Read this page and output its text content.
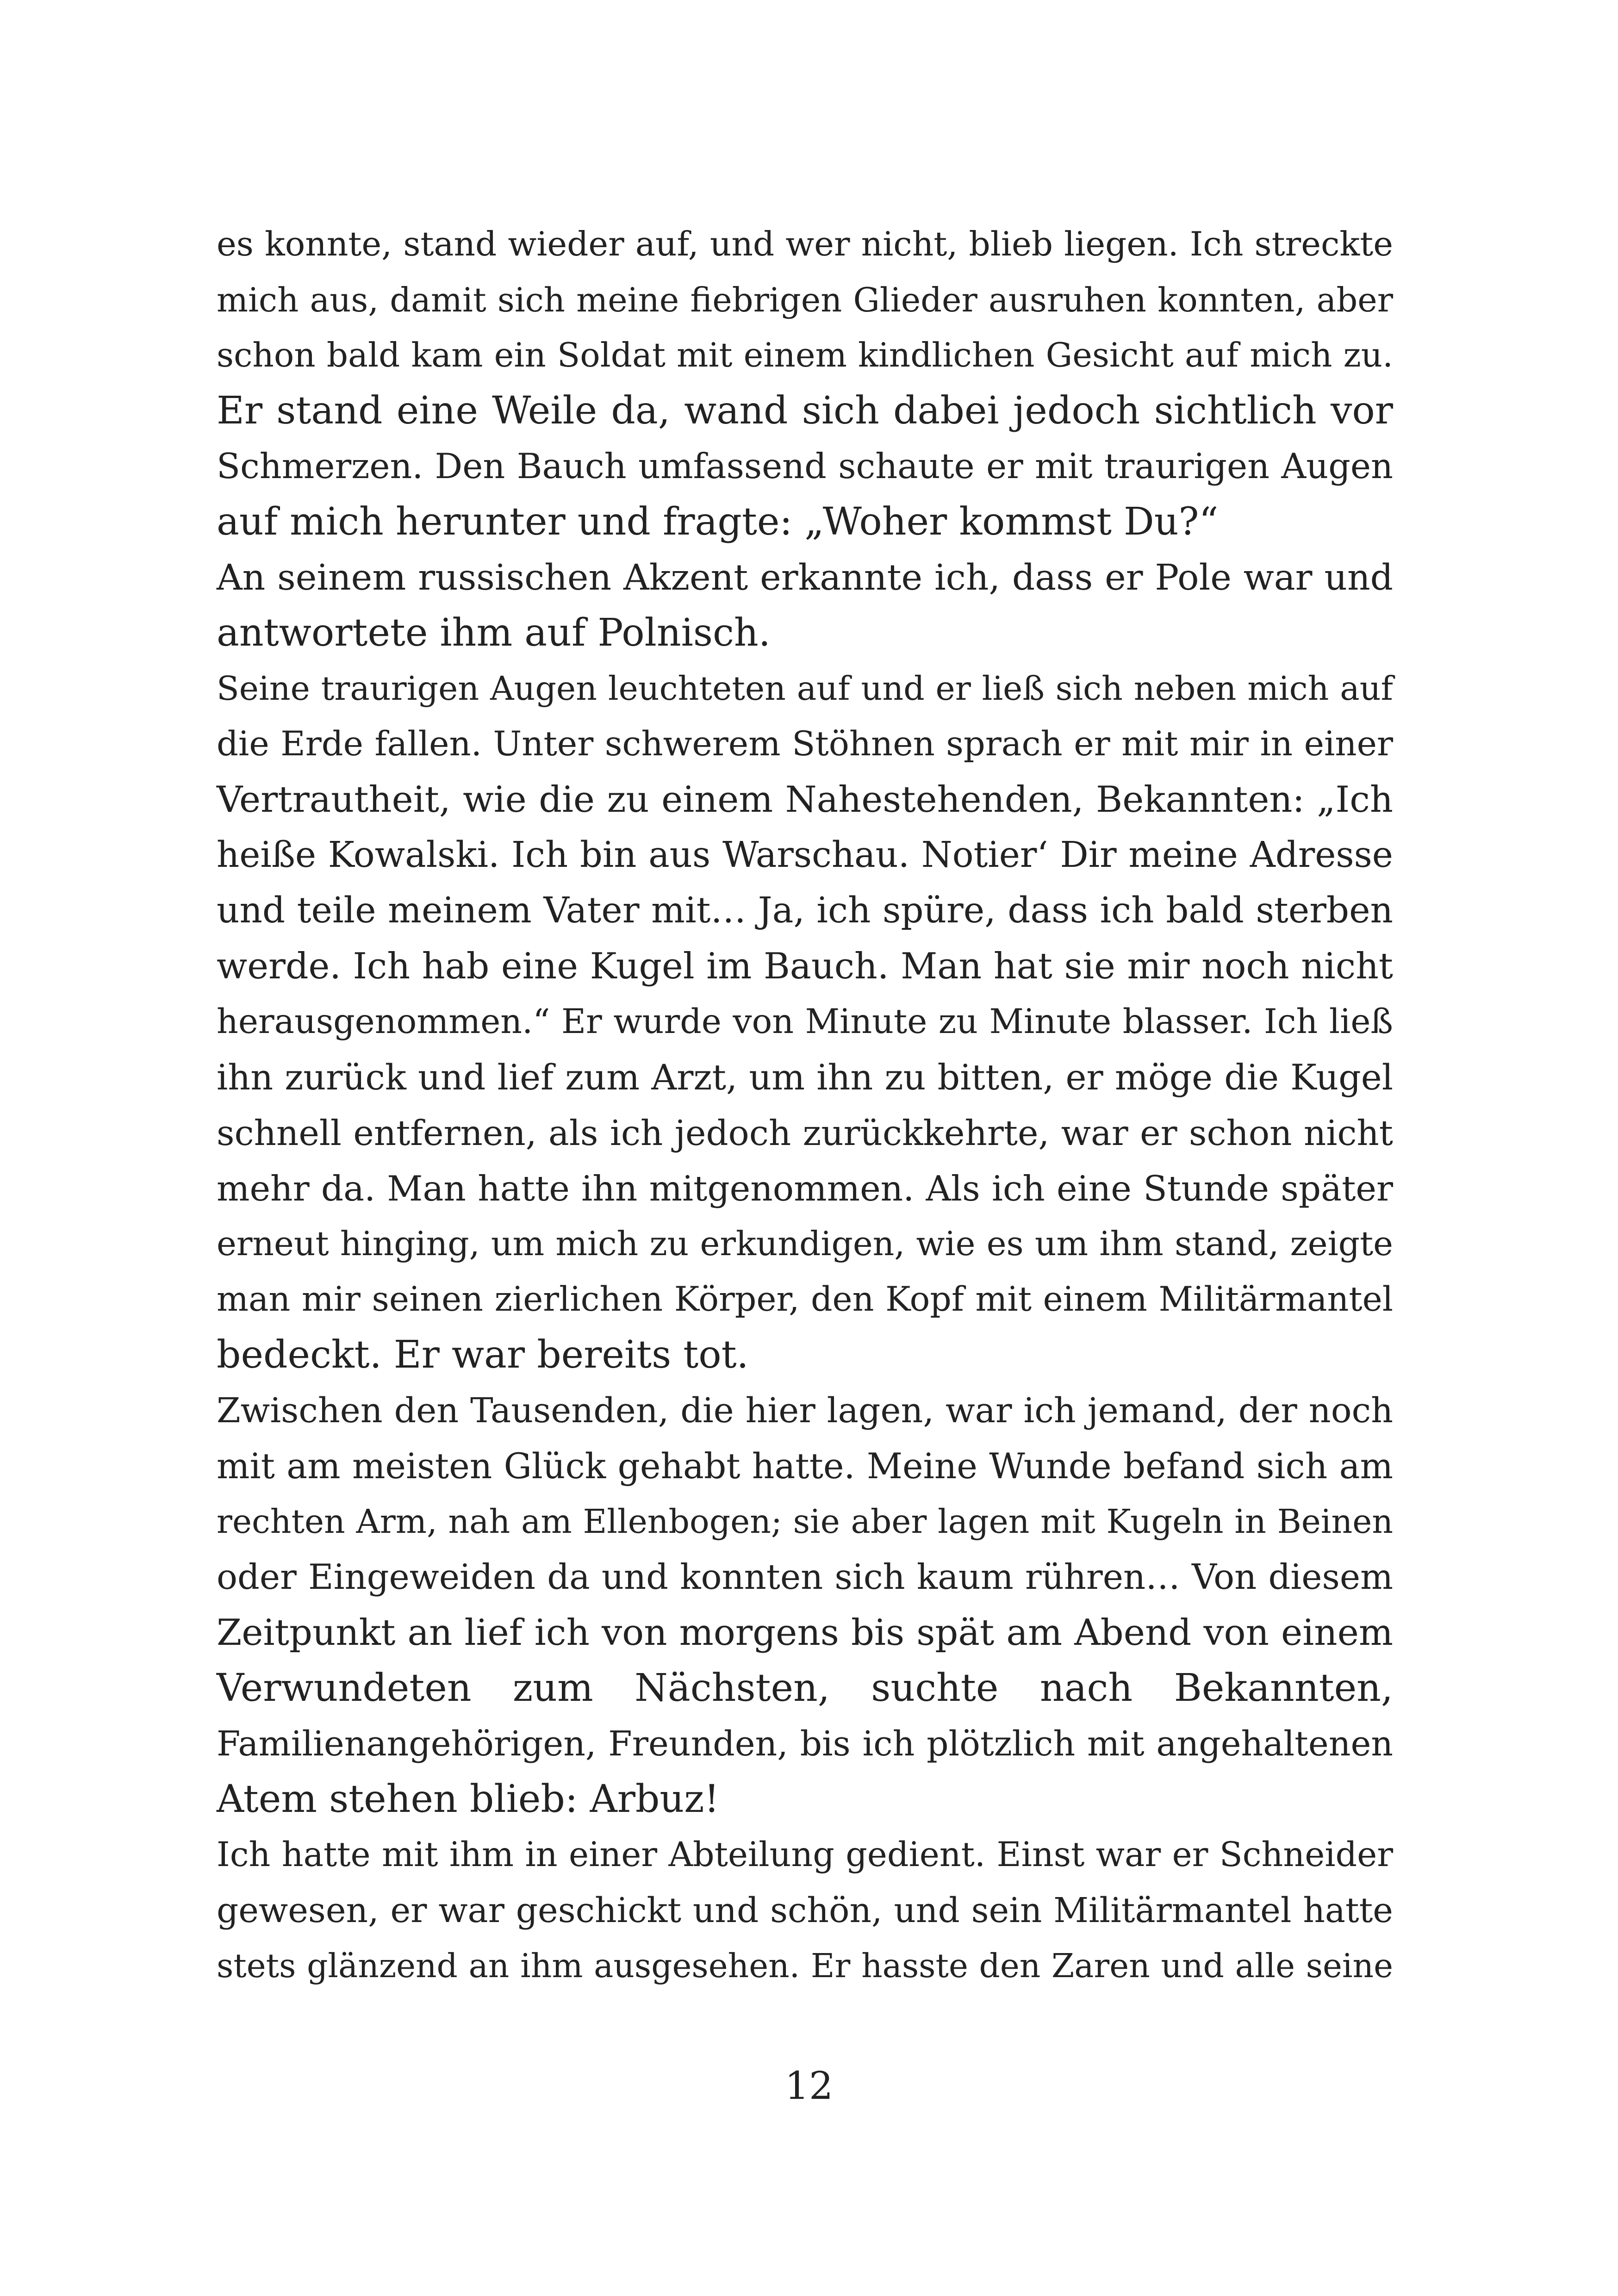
es konnte, stand wieder auf, und wer nicht, blieb liegen. Ich streckte
mich aus, damit sich meine fiebrigen Glieder ausruhen konnten, aber
schon bald kam ein Soldat mit einem kindlichen Gesicht auf mich zu.
Er stand eine Weile da, wand sich dabei jedoch sichtlich vor
Schmerzen. Den Bauch umfassend schaute er mit traurigen Augen
auf mich herunter und fragte: „Woher kommst Du?“
An seinem russischen Akzent erkannte ich, dass er Pole war und
antwortete ihm auf Polnisch.
Seine traurigen Augen leuchteten auf und er ließ sich neben mich auf
die Erde fallen. Unter schwerem Stöhnen sprach er mit mir in einer
Vertrautheit, wie die zu einem Nahestehenden, Bekannten: „Ich
heiße Kowalski. Ich bin aus Warschau. Notier‘ Dir meine Adresse
und teile meinem Vater mit… Ja, ich spüre, dass ich bald sterben
werde. Ich hab eine Kugel im Bauch. Man hat sie mir noch nicht
herausgenommen.“ Er wurde von Minute zu Minute blasser. Ich ließ
ihn zurück und lief zum Arzt, um ihn zu bitten, er möge die Kugel
schnell entfernen, als ich jedoch zurückkehrte, war er schon nicht
mehr da. Man hatte ihn mitgenommen. Als ich eine Stunde später
erneut hinging, um mich zu erkundigen, wie es um ihm stand, zeigte
man mir seinen zierlichen Körper, den Kopf mit einem Militärmantel
bedeckt. Er war bereits tot.
Zwischen den Tausenden, die hier lagen, war ich jemand, der noch
mit am meisten Glück gehabt hatte. Meine Wunde befand sich am
rechten Arm, nah am Ellenbogen; sie aber lagen mit Kugeln in Beinen
oder Eingeweiden da und konnten sich kaum rühren… Von diesem
Zeitpunkt an lief ich von morgens bis spät am Abend von einem
Verwundeten zum Nächsten, suchte nach Bekannten,
Familienangehörigen, Freunden, bis ich plötzlich mit angehaltenen
Atem stehen blieb: Arbuz!
Ich hatte mit ihm in einer Abteilung gedient. Einst war er Schneider
gewesen, er war geschickt und schön, und sein Militärmantel hatte
stets glänzend an ihm ausgesehen. Er hasste den Zaren und alle seine
12
